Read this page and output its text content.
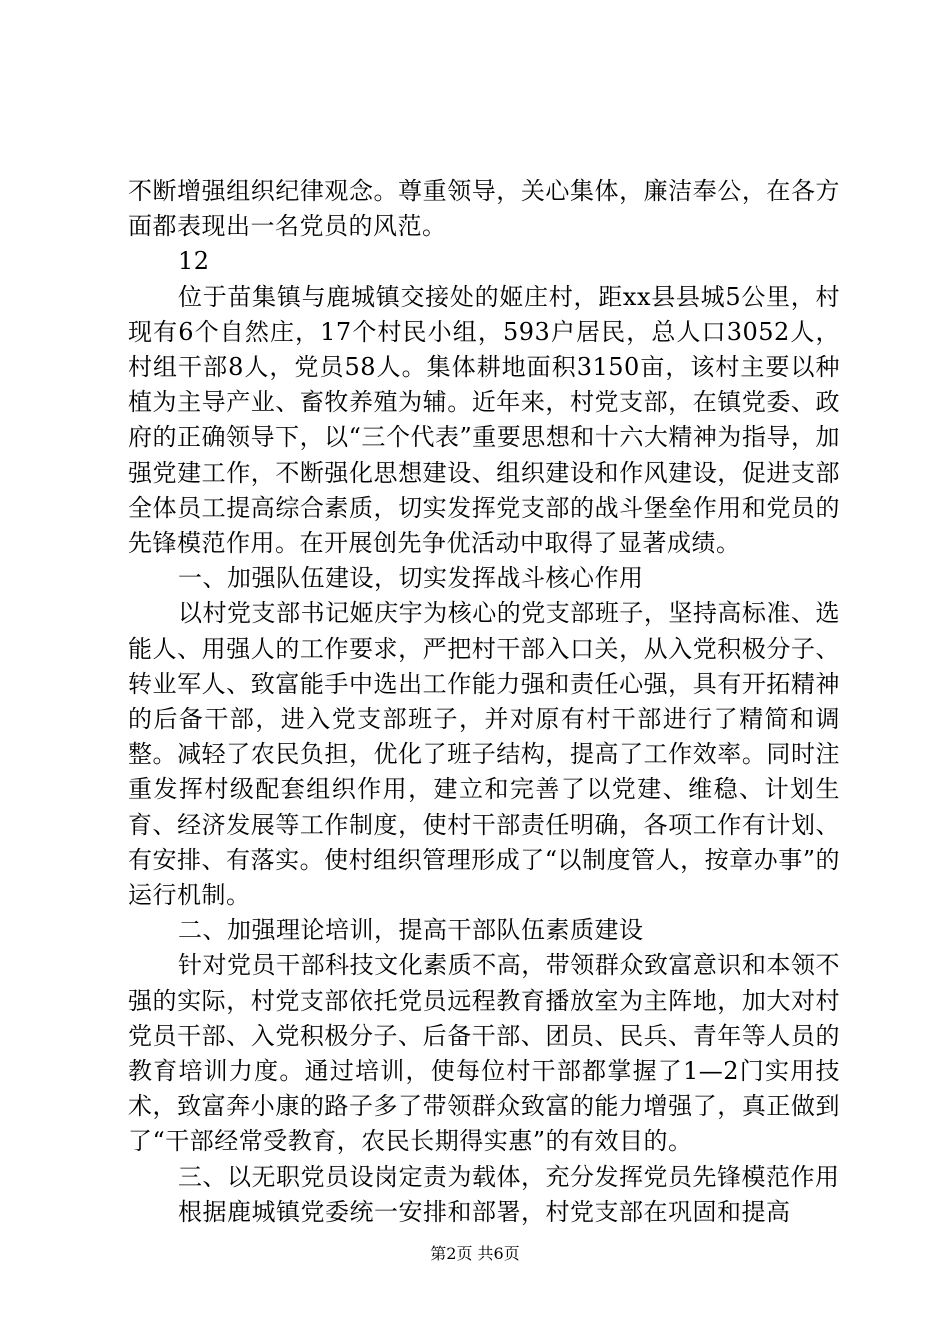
不断增强组织纪律观念。尊重领导，关心集体，廉洁奉公，在各方面都表现出一名党员的风范。

12

位于苗集镇与鹿城镇交接处的姬庄村，距xx县县城5公里，村现有6个自然庄，17个村民小组，593户居民，总人口3052人，村组干部8人，党员58人。集体耕地面积3150亩，该村主要以种植为主导产业、畜牧养殖为辅。近年来，村党支部，在镇党委、政府的正确领导下，以“三个代表”重要思想和十六大精神为指导，加强党建工作，不断强化思想建设、组织建设和作风建设，促进支部全体员工提高综合素质，切实发挥党支部的战斗堡垒作用和党员的先锋模范作用。在开展创先争优活动中取得了显著成绩。

一、加强队伍建设，切实发挥战斗核心作用

以村党支部书记姬庆宇为核心的党支部班子，坚持高标准、选能人、用强人的工作要求，严把村干部入口关，从入党积极分子、转业军人、致富能手中选出工作能力强和责任心强，具有开拓精神的后备干部，进入党支部班子，并对原有村干部进行了精简和调整。减轻了农民负担，优化了班子结构，提高了工作效率。同时注重发挥村级配套组织作用，建立和完善了以党建、维稳、计划生育、经济发展等工作制度，使村干部责任明确，各项工作有计划、有安排、有落实。使村组织管理形成了“以制度管人，按章办事”的运行机制。

二、加强理论培训，提高干部队伍素质建设

针对党员干部科技文化素质不高，带领群众致富意识和本领不强的实际，村党支部依托党员远程教育播放室为主阵地，加大对村党员干部、入党积极分子、后备干部、团员、民兵、青年等人员的教育培训力度。通过培训，使每位村干部都掌握了1—2门实用技术，致富奔小康的路子多了带领群众致富的能力增强了，真正做到了“干部经常受教育，农民长期得实惠”的有效目的。

三、以无职党员设岗定责为载体，充分发挥党员先锋模范作用

根据鹿城镇党委统一安排和部署，村党支部在巩固和提高

第2页 共6页
